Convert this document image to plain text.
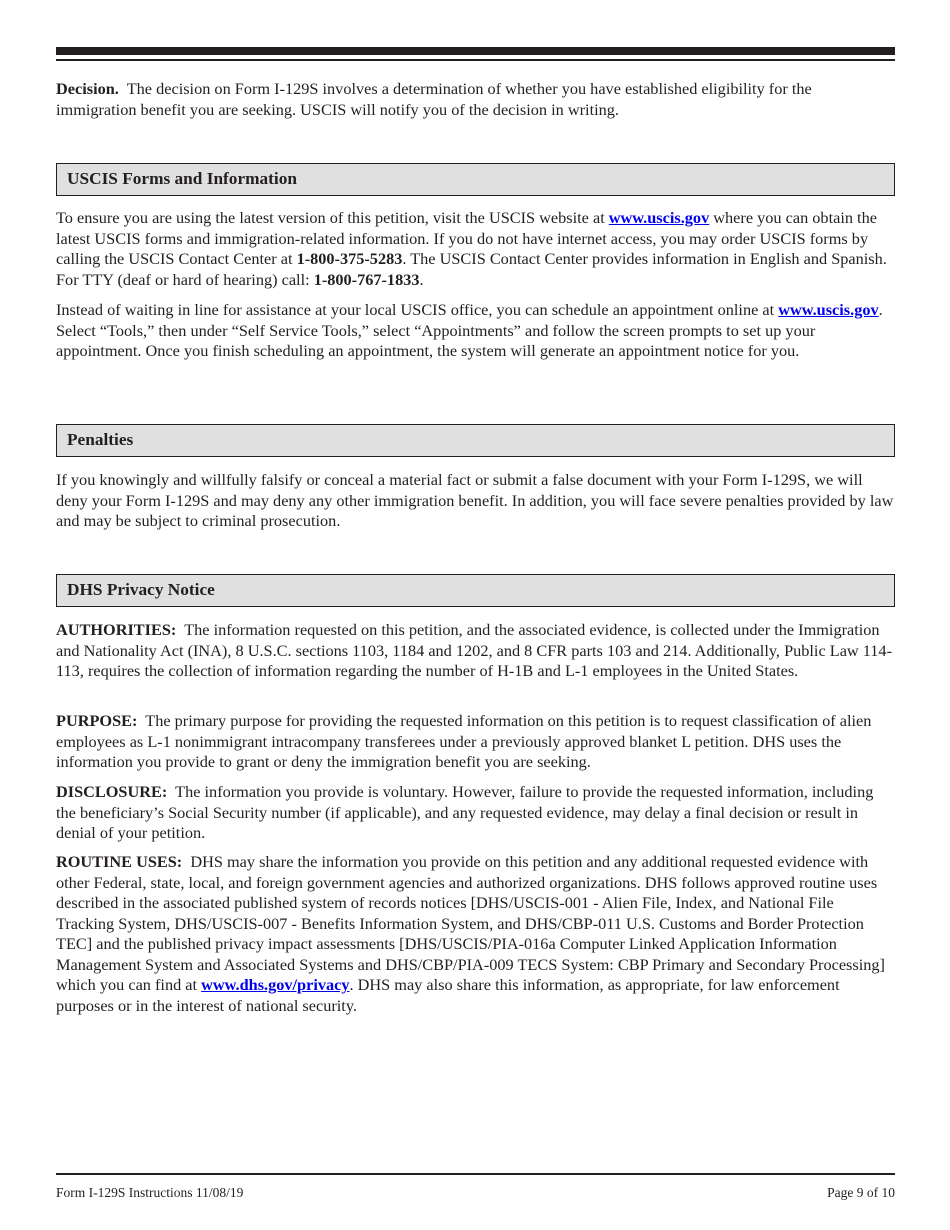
Decision. The decision on Form I-129S involves a determination of whether you have established eligibility for the immigration benefit you are seeking. USCIS will notify you of the decision in writing.

USCIS Forms and Information

To ensure you are using the latest version of this petition, visit the USCIS website at www.uscis.gov where you can obtain the latest USCIS forms and immigration-related information. If you do not have internet access, you may order USCIS forms by calling the USCIS Contact Center at 1-800-375-5283. The USCIS Contact Center provides information in English and Spanish. For TTY (deaf or hard of hearing) call: 1-800-767-1833.

Instead of waiting in line for assistance at your local USCIS office, you can schedule an appointment online at www.uscis.gov. Select “Tools,” then under “Self Service Tools,” select “Appointments” and follow the screen prompts to set up your appointment. Once you finish scheduling an appointment, the system will generate an appointment notice for you.

Penalties

If you knowingly and willfully falsify or conceal a material fact or submit a false document with your Form I-129S, we will deny your Form I-129S and may deny any other immigration benefit. In addition, you will face severe penalties provided by law and may be subject to criminal prosecution.

DHS Privacy Notice

AUTHORITIES: The information requested on this petition, and the associated evidence, is collected under the Immigration and Nationality Act (INA), 8 U.S.C. sections 1103, 1184 and 1202, and 8 CFR parts 103 and 214. Additionally, Public Law 114-113, requires the collection of information regarding the number of H-1B and L-1 employees in the United States.

PURPOSE: The primary purpose for providing the requested information on this petition is to request classification of alien employees as L-1 nonimmigrant intracompany transferees under a previously approved blanket L petition. DHS uses the information you provide to grant or deny the immigration benefit you are seeking.

DISCLOSURE: The information you provide is voluntary. However, failure to provide the requested information, including the beneficiary’s Social Security number (if applicable), and any requested evidence, may delay a final decision or result in denial of your petition.

ROUTINE USES: DHS may share the information you provide on this petition and any additional requested evidence with other Federal, state, local, and foreign government agencies and authorized organizations. DHS follows approved routine uses described in the associated published system of records notices [DHS/USCIS-001 - Alien File, Index, and National File Tracking System, DHS/USCIS-007 - Benefits Information System, and DHS/CBP-011 U.S. Customs and Border Protection TEC] and the published privacy impact assessments [DHS/USCIS/PIA-016a Computer Linked Application Information Management System and Associated Systems and DHS/CBP/PIA-009 TECS System: CBP Primary and Secondary Processing] which you can find at www.dhs.gov/privacy. DHS may also share this information, as appropriate, for law enforcement purposes or in the interest of national security.

Form I-129S Instructions 11/08/19	Page 9 of 10
